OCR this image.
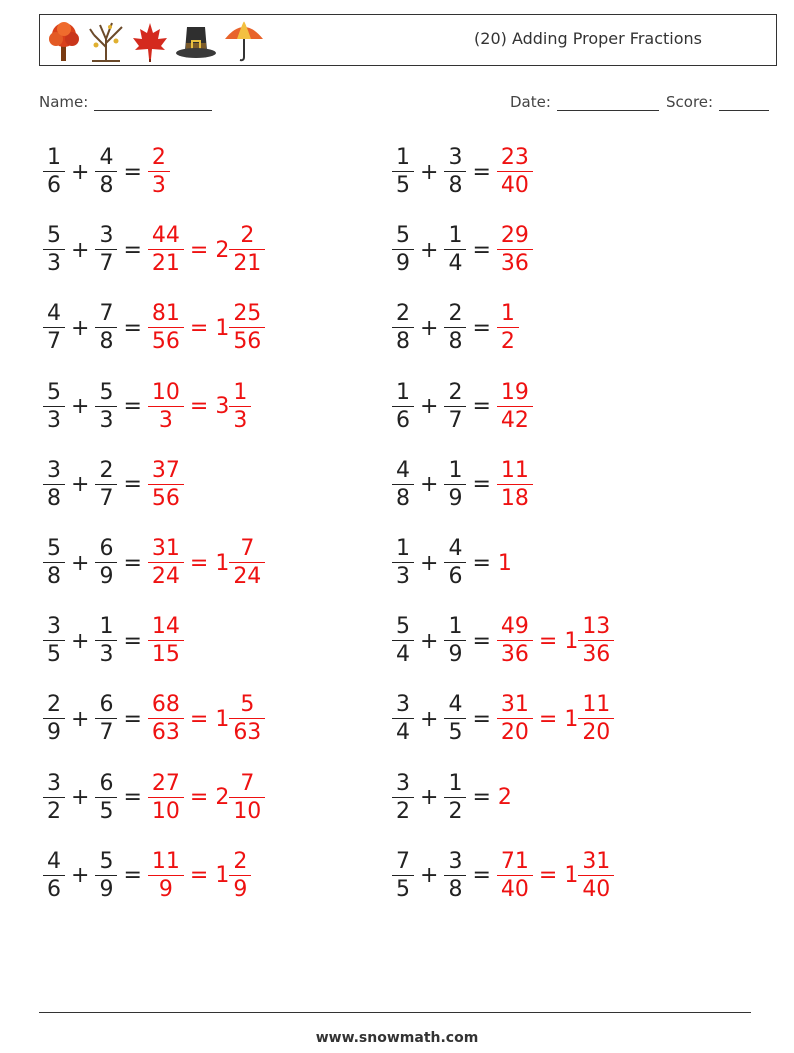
(20) Adding Proper Fractions
Name:	Date:	Score:
$\frac{1}{6} + \frac{4}{8} = \frac{2}{3}$	$\frac{1}{5} + \frac{3}{8} = \frac{23}{40}$
$\frac{5}{3} + \frac{3}{7} = \frac{44}{21} = 2 \frac{2}{21}$	$\frac{5}{9} + \frac{1}{4} = \frac{29}{36}$
$\frac{4}{7} + \frac{7}{8} = \frac{81}{56} = 1 \frac{25}{56}$	$\frac{2}{8} + \frac{2}{8} = \frac{1}{2}$
$\frac{5}{3} + \frac{5}{3} = \frac{10}{3} = 3 \frac{1}{3}$	$\frac{1}{6} + \frac{2}{7} = \frac{19}{42}$
$\frac{3}{8} + \frac{2}{7} = \frac{37}{56}$	$\frac{4}{8} + \frac{1}{9} = \frac{11}{18}$
$\frac{5}{8} + \frac{6}{9} = \frac{31}{24} = 1 \frac{7}{24}$	$\frac{1}{3} + \frac{4}{6} = 1$
$\frac{3}{5} + \frac{1}{3} = \frac{14}{15}$	$\frac{5}{4} + \frac{1}{9} = \frac{49}{36} = 1 \frac{13}{36}$
$\frac{2}{9} + \frac{6}{7} = \frac{68}{63} = 1 \frac{5}{63}$	$\frac{3}{4} + \frac{4}{5} = \frac{31}{20} = 1 \frac{11}{20}$
$\frac{3}{2} + \frac{6}{5} = \frac{27}{10} = 2 \frac{7}{10}$	$\frac{3}{2} + \frac{1}{2} = 2$
$\frac{4}{6} + \frac{5}{9} = \frac{11}{9} = 1 \frac{2}{9}$	$\frac{7}{5} + \frac{3}{8} = \frac{71}{40} = 1 \frac{31}{40}$
www.snowmath.com
